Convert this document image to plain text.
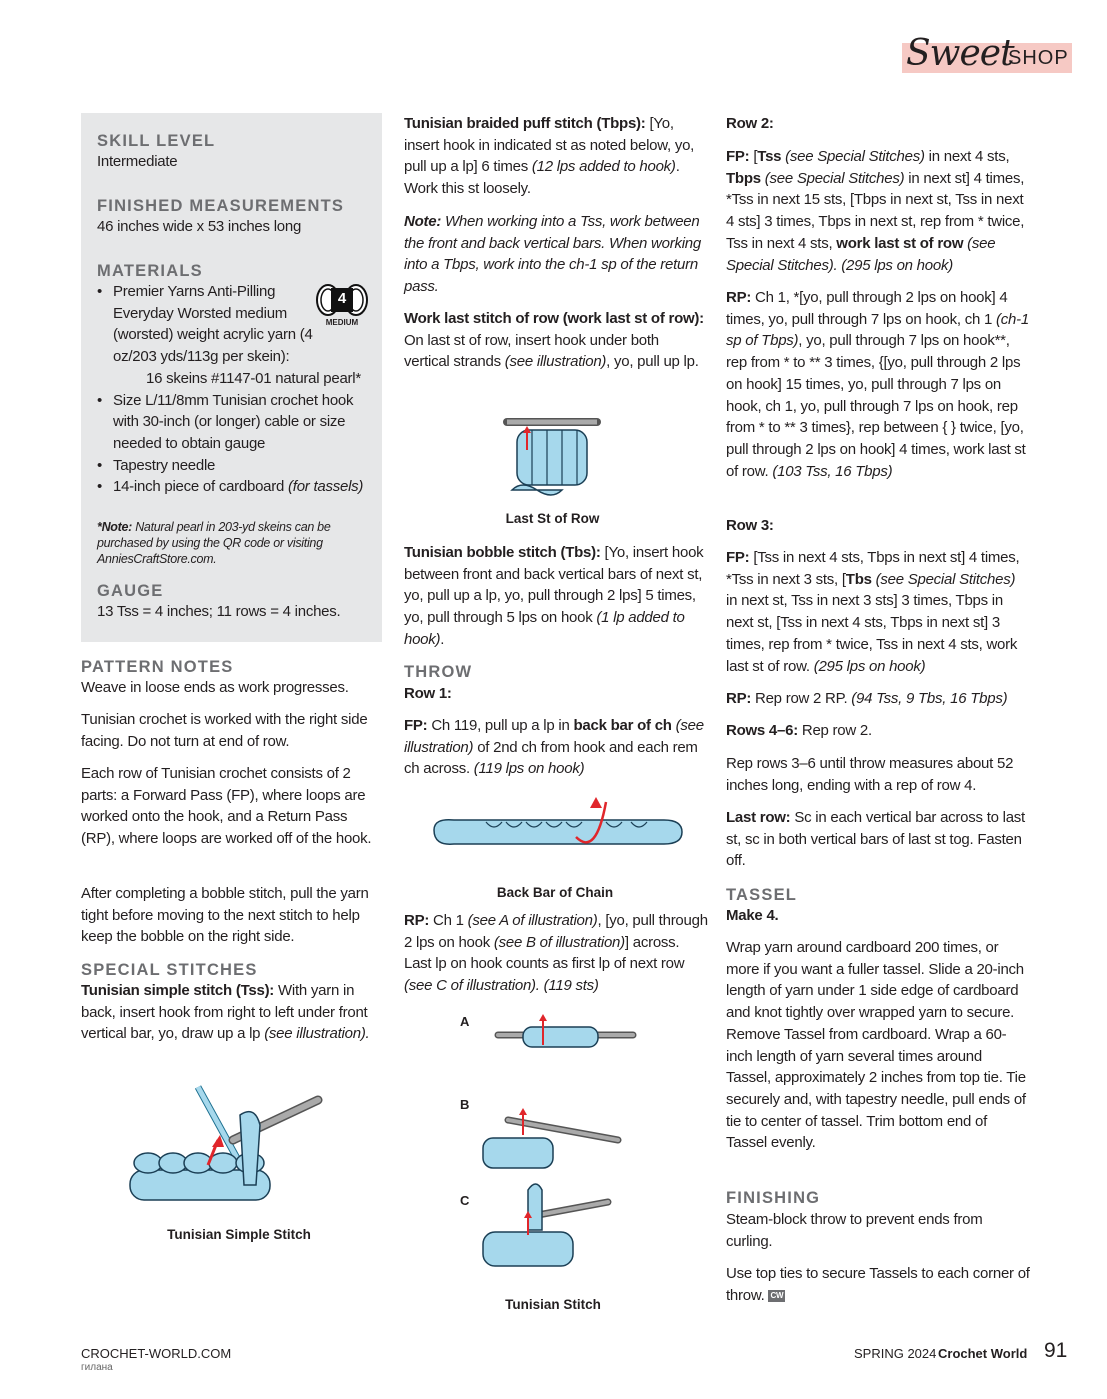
Sweet
SHOP
SKILL LEVEL
Intermediate
FINISHED MEASUREMENTS
46 inches wide x 53 inches long
MATERIALS
4
MEDIUM
• Premier Yarns Anti-Pilling Everyday Worsted medium (worsted) weight acrylic yarn (4 oz/203 yds/113g per skein):
16 skeins #1147-01 natural pearl*
• Size L/11/8mm Tunisian crochet hook with 30-inch (or longer) cable or size needed to obtain gauge
• Tapestry needle
• 14-inch piece of cardboard (for tassels)
*Note: Natural pearl in 203-yd skeins can be purchased by using the QR code or visiting AnniesCraftStore.com.
GAUGE
13 Tss = 4 inches; 11 rows = 4 inches.
PATTERN NOTES
Weave in loose ends as work progresses.
Tunisian crochet is worked with the right side facing. Do not turn at end of row.
Each row of Tunisian crochet consists of 2 parts: a Forward Pass (FP), where loops are worked onto the hook, and a Return Pass (RP), where loops are worked off of the hook.
After completing a bobble stitch, pull the yarn tight before moving to the next stitch to help keep the bobble on the right side.
SPECIAL STITCHES
Tunisian simple stitch (Tss): With yarn in back, insert hook from right to left under front vertical bar, yo, draw up a lp (see illustration).
Tunisian Simple Stitch
Tunisian braided puff stitch (Tbps): [Yo, insert hook in indicated st as noted below, yo, pull up a lp] 6 times (12 lps added to hook). Work this st loosely.
Note: When working into a Tss, work between the front and back vertical bars. When working into a Tbps, work into the ch-1 sp of the return pass.
Work last stitch of row (work last st of row): On last st of row, insert hook under both vertical strands (see illustration), yo, pull up lp.
Last St of Row
Tunisian bobble stitch (Tbs): [Yo, insert hook between front and back vertical bars of next st, yo, pull up a lp, yo, pull through 2 lps] 5 times, yo, pull through 5 lps on hook (1 lp added to hook).
THROW
Row 1:
FP: Ch 119, pull up a lp in back bar of ch (see illustration) of 2nd ch from hook and each rem ch across. (119 lps on hook)
Back Bar of Chain
RP: Ch 1 (see A of illustration), [yo, pull through 2 lps on hook (see B of illustration)] across. Last lp on hook counts as first lp of next row (see C of illustration). (119 sts)
A
B
C
Tunisian Stitch
Row 2:
FP: [Tss (see Special Stitches) in next 4 sts, Tbps (see Special Stitches) in next st] 4 times, *Tss in next 15 sts, [Tbps in next st, Tss in next 4 sts] 3 times, Tbps in next st, rep from * twice, Tss in next 4 sts, work last st of row (see Special Stitches). (295 lps on hook)
RP: Ch 1, *[yo, pull through 2 lps on hook] 4 times, yo, pull through 7 lps on hook, ch 1 (ch-1 sp of Tbps), yo, pull through 7 lps on hook**, rep from * to ** 3 times, {[yo, pull through 2 lps on hook] 15 times, yo, pull through 7 lps on hook, ch 1, yo, pull through 7 lps on hook, rep from * to ** 3 times}, rep between { } twice, [yo, pull through 2 lps on hook] 4 times, work last st of row. (103 Tss, 16 Tbps)
Row 3:
FP: [Tss in next 4 sts, Tbps in next st] 4 times, *Tss in next 3 sts, [Tbs (see Special Stitches) in next st, Tss in next 3 sts] 3 times, Tbps in next st, [Tss in next 4 sts, Tbps in next st] 3 times, rep from * twice, Tss in next 4 sts, work last st of row. (295 lps on hook)
RP: Rep row 2 RP. (94 Tss, 9 Tbs, 16 Tbps)
Rows 4–6: Rep row 2.
Rep rows 3–6 until throw measures about 52 inches long, ending with a rep of row 4.
Last row: Sc in each vertical bar across to last st, sc in both vertical bars of last st tog. Fasten off.
TASSEL
Make 4.
Wrap yarn around cardboard 200 times, or more if you want a fuller tassel. Slide a 20-inch length of yarn under 1 side edge of cardboard and knot tightly over wrapped yarn to secure. Remove Tassel from cardboard. Wrap a 60-inch length of yarn several times around Tassel, approximately 2 inches from top tie. Tie securely and, with tapestry needle, pull ends of tie to center of tassel. Trim bottom end of Tassel evenly.
FINISHING
Steam-block throw to prevent ends from curling.
Use top ties to secure Tassels to each corner of throw. CW
CROCHET-WORLD.COM
гилана
SPRING 2024 Crochet World 91
